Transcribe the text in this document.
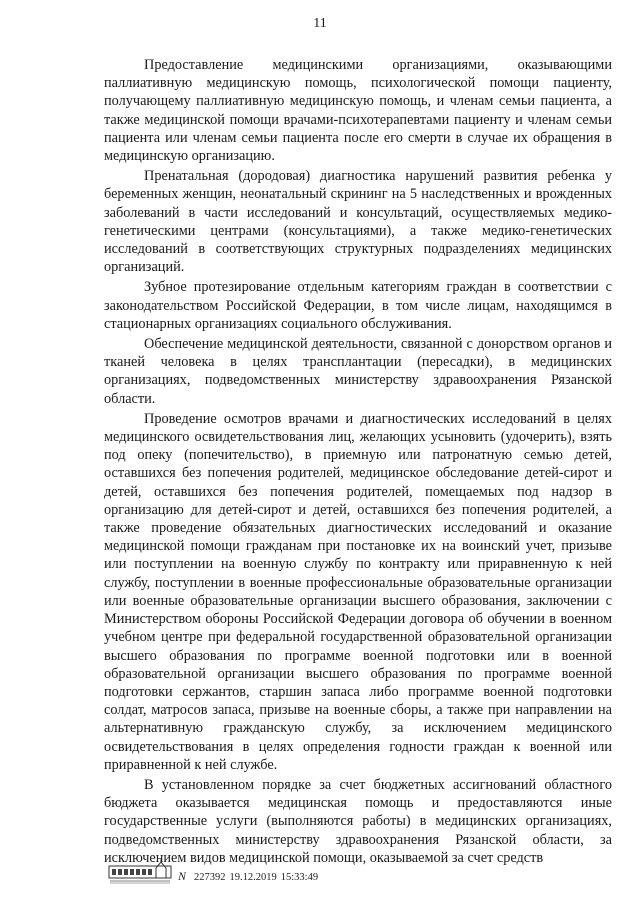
11

Предоставление медицинскими организациями, оказывающими паллиативную медицинскую помощь, психологической помощи пациенту, получающему паллиативную медицинскую помощь, и членам семьи пациента, а также медицинской помощи врачами-психотерапевтами пациенту и членам семьи пациента или членам семьи пациента после его смерти в случае их обращения в медицинскую организацию.

Пренатальная (дородовая) диагностика нарушений развития ребенка у беременных женщин, неонатальный скрининг на 5 наследственных и врожденных заболеваний в части исследований и консультаций, осуществляемых медико-генетическими центрами (консультациями), а также медико-генетических исследований в соответствующих структурных подразделениях медицинских организаций.

Зубное протезирование отдельным категориям граждан в соответствии с законодательством Российской Федерации, в том числе лицам, находящимся в стационарных организациях социального обслуживания.

Обеспечение медицинской деятельности, связанной с донорством органов и тканей человека в целях трансплантации (пересадки), в медицинских организациях, подведомственных министерству здравоохранения Рязанской области.

Проведение осмотров врачами и диагностических исследований в целях медицинского освидетельствования лиц, желающих усыновить (удочерить), взять под опеку (попечительство), в приемную или патронатную семью детей, оставшихся без попечения родителей, медицинское обследование детей-сирот и детей, оставшихся без попечения родителей, помещаемых под надзор в организацию для детей-сирот и детей, оставшихся без попечения родителей, а также проведение обязательных диагностических исследований и оказание медицинской помощи гражданам при постановке их на воинский учет, призыве или поступлении на военную службу по контракту или приравненную к ней службу, поступлении в военные профессиональные образовательные организации или военные образовательные организации высшего образования, заключении с Министерством обороны Российской Федерации договора об обучении в военном учебном центре при федеральной государственной образовательной организации высшего образования по программе военной подготовки или в военной образовательной организации высшего образования по программе военной подготовки сержантов, старшин запаса либо программе военной подготовки солдат, матросов запаса, призыве на военные сборы, а также при направлении на альтернативную гражданскую службу, за исключением медицинского освидетельствования в целях определения годности граждан к военной или приравненной к ней службе.

В установленном порядке за счет бюджетных ассигнований областного бюджета оказывается медицинская помощь и предоставляются иные государственные услуги (выполняются работы) в медицинских организациях, подведомственных министерству здравоохранения Рязанской области, за исключением видов медицинской помощи, оказываемой за счет средств

N 227392 19.12.2019 15:33:49
